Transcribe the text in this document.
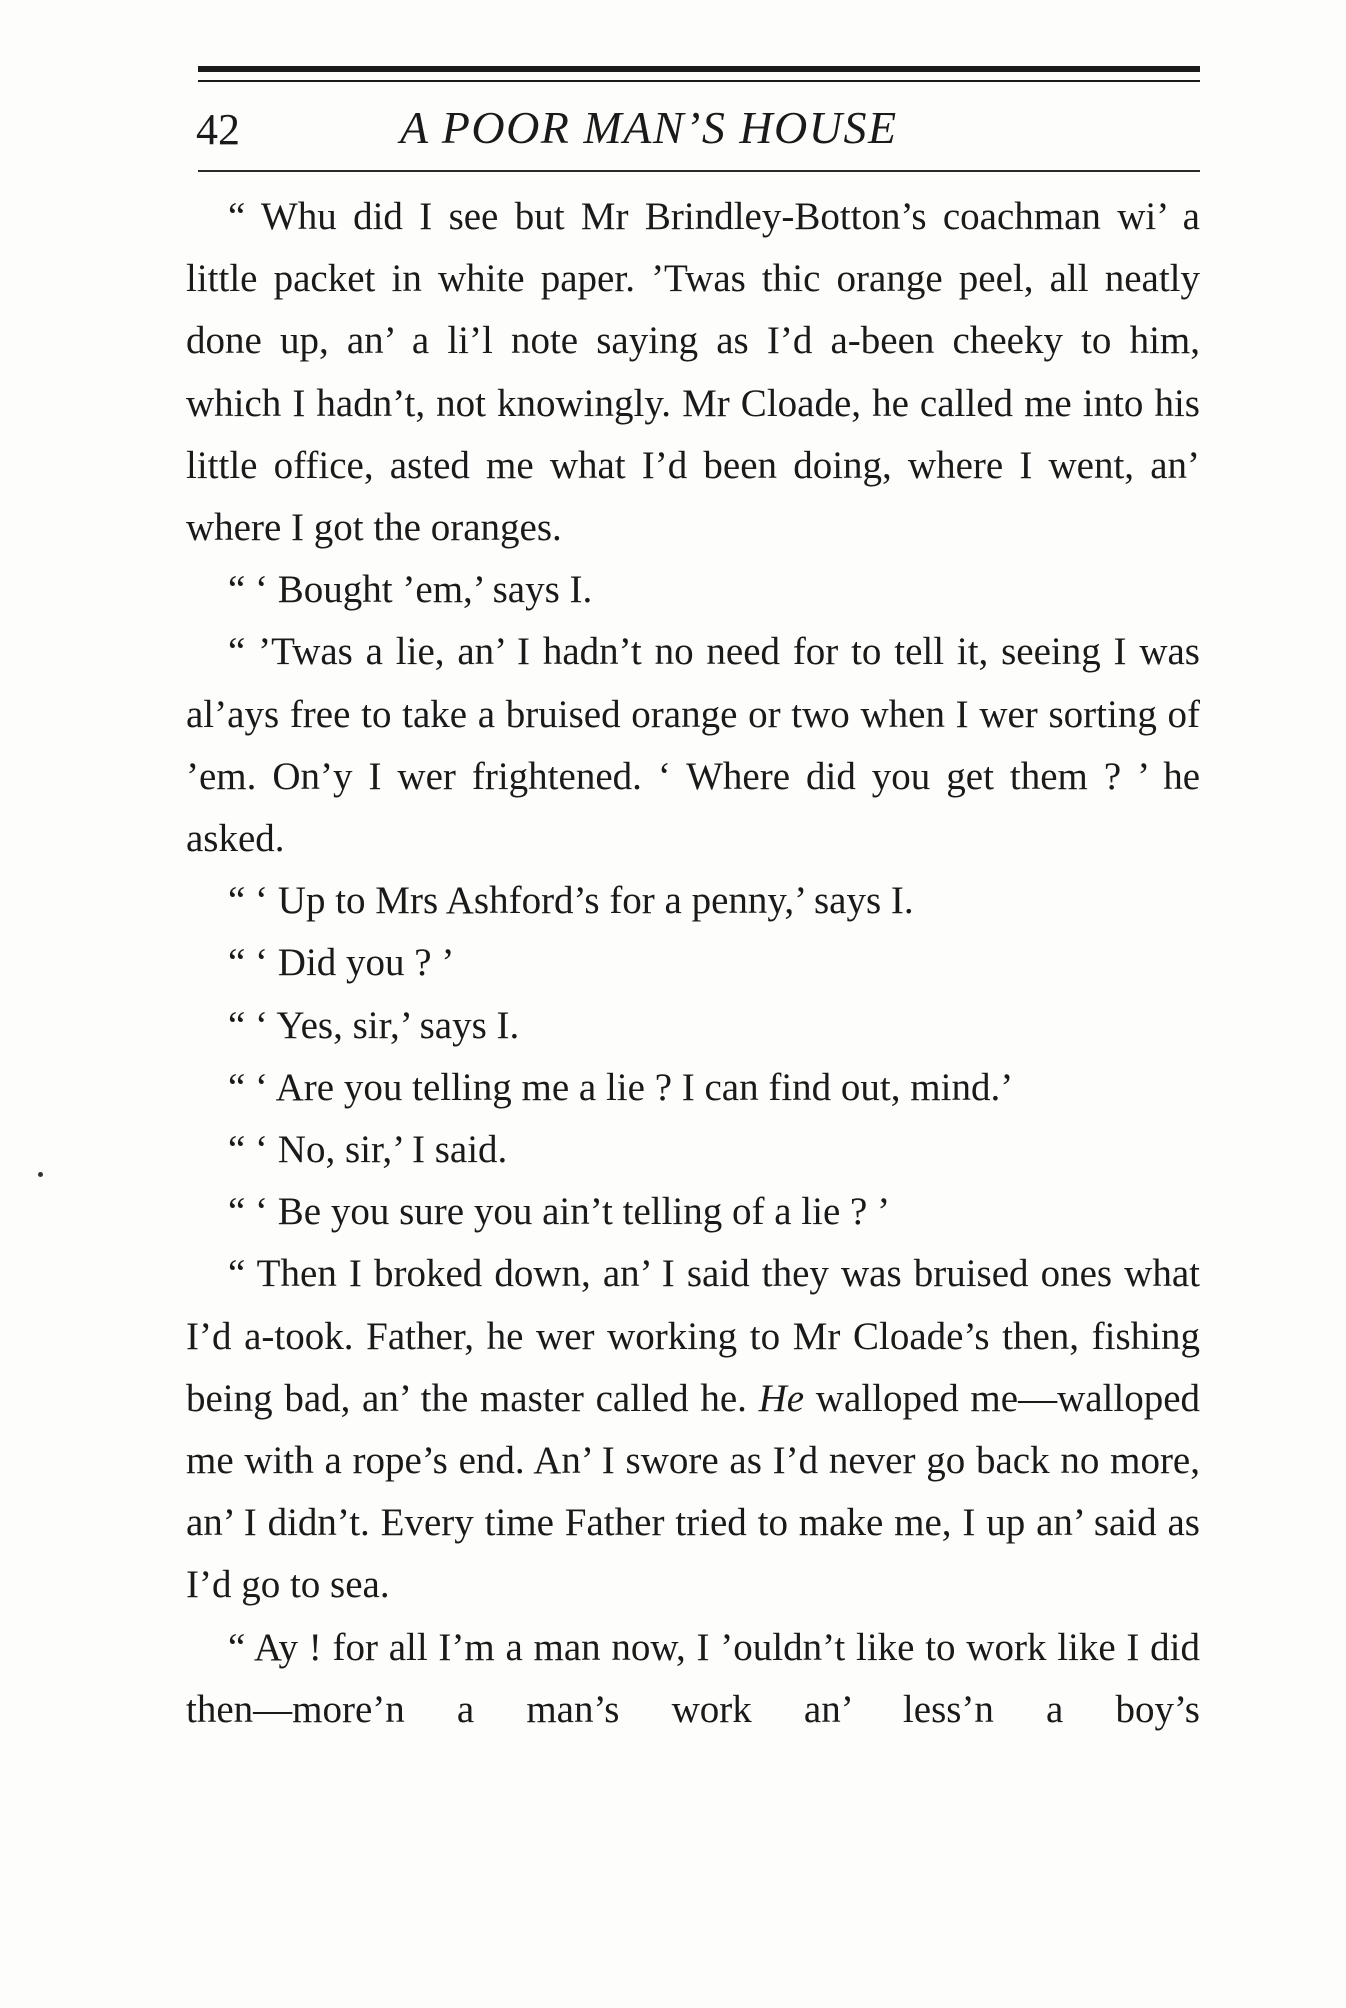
42	A POOR MAN’S HOUSE

“ Whu did I see but Mr Brindley-Botton’s coachman wi’ a little packet in white paper. ’Twas thic orange peel, all neatly done up, an’ a li’l note saying as I’d a-been cheeky to him, which I hadn’t, not knowingly. Mr Cloade, he called me into his little office, asted me what I’d been doing, where I went, an’ where I got the oranges.

“ ‘ Bought ’em,’ says I.

“ ’Twas a lie, an’ I hadn’t no need for to tell it, seeing I was al’ays free to take a bruised orange or two when I wer sorting of ’em. On’y I wer frightened. ‘ Where did you get them ? ’ he asked.

“ ‘ Up to Mrs Ashford’s for a penny,’ says I.

“ ‘ Did you ? ’

“ ‘ Yes, sir,’ says I.

“ ‘ Are you telling me a lie ? I can find out, mind.’

“ ‘ No, sir,’ I said.

“ ‘ Be you sure you ain’t telling of a lie ? ’

“ Then I broked down, an’ I said they was bruised ones what I’d a-took. Father, he wer working to Mr Cloade’s then, fishing being bad, an’ the master called he. He walloped me—walloped me with a rope’s end. An’ I swore as I’d never go back no more, an’ I didn’t. Every time Father tried to make me, I up an’ said as I’d go to sea.

“ Ay ! for all I’m a man now, I ’ouldn’t like to work like I did then—more’n a man’s work an’ less’n a boy’s
